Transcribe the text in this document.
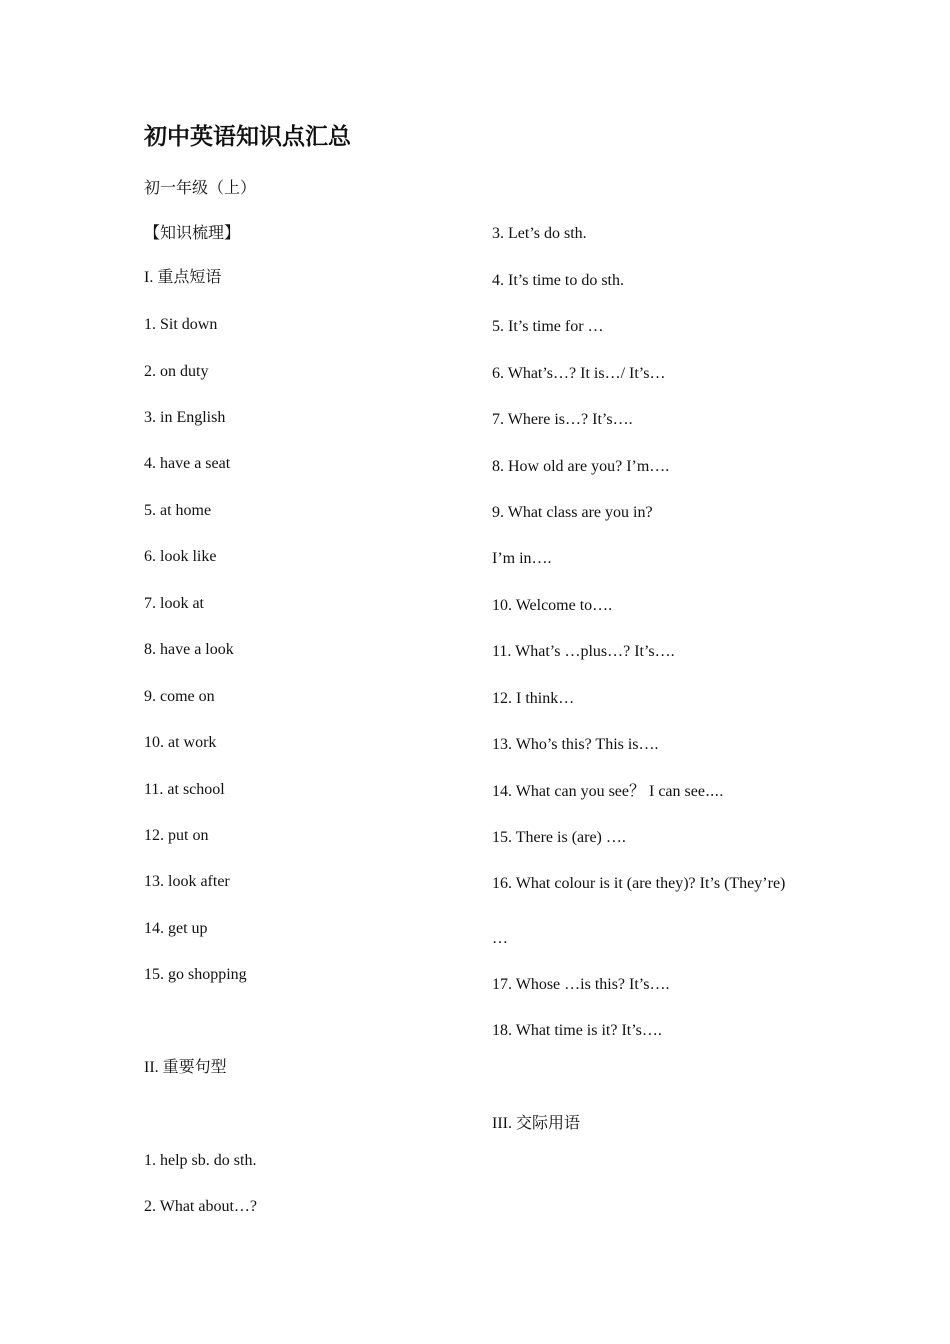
初中英语知识点汇总
初一年级（上）
【知识梳理】
I. 重点短语
1. Sit down
2. on duty
3. in English
4. have a seat
5. at home
6. look like
7. look at
8. have a look
9. come on
10. at work
11. at school
12. put on
13. look after
14. get up
15. go shopping
II. 重要句型
1. help sb. do sth.
2. What about…?
3. Let’s do sth.
4. It’s time to do sth.
5. It’s time for …
6. What’s…? It is…/ It’s…
7. Where is…? It’s….
8. How old are you? I’m….
9. What class are you in?
I’m in….
10. Welcome to….
11. What’s …plus…? It’s….
12. I think…
13. Who’s this? This is….
14. What can you see？ I can see⋯.
15. There is (are) ….
16. What colour is it (are they)? It’s (They’re)
…
17. Whose …is this? It’s….
18. What time is it? It’s….
III. 交际用语
